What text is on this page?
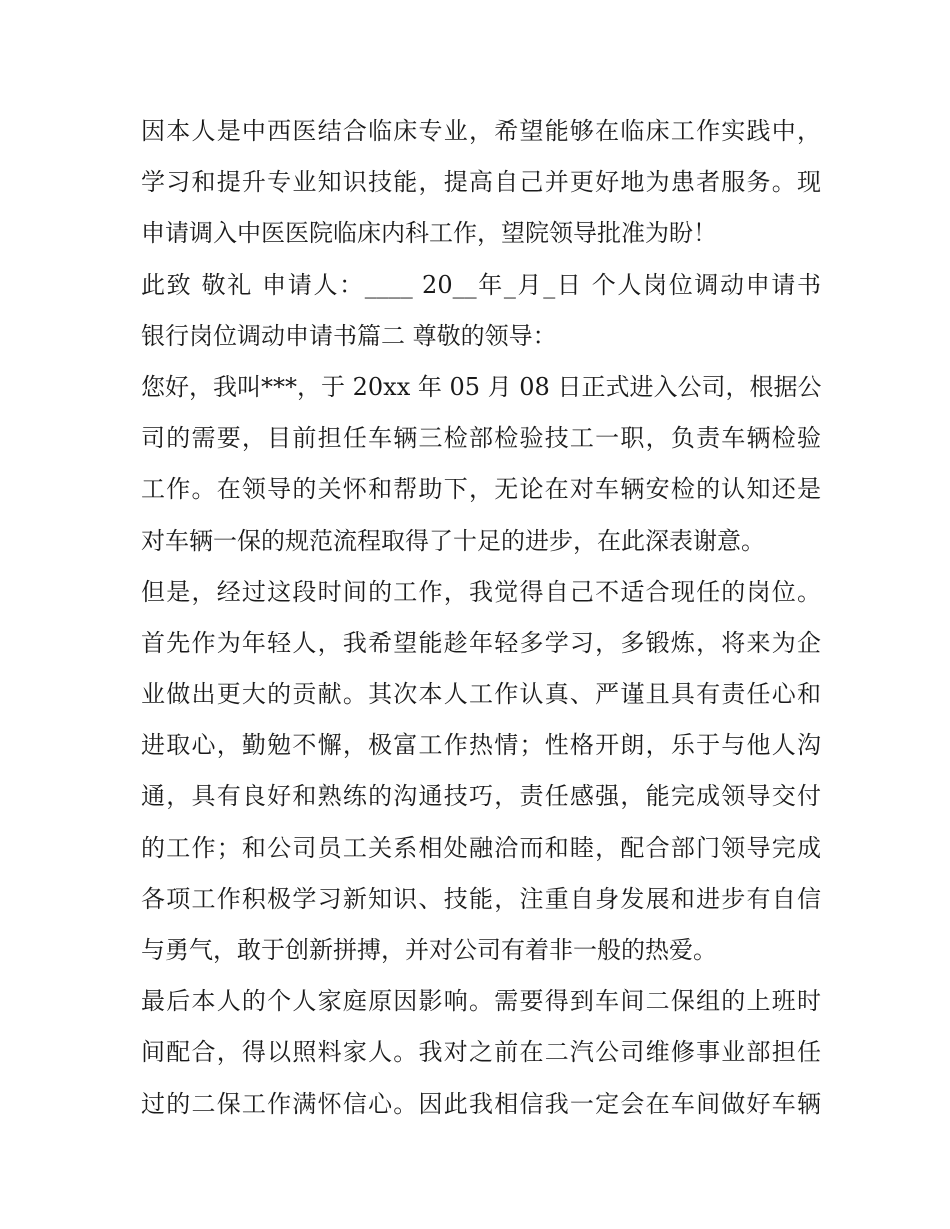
因本人是中西医结合临床专业，希望能够在临床工作实践中，
学习和提升专业知识技能，提高自己并更好地为患者服务。现
申请调入中医医院临床内科工作，望院领导批准为盼！
此致 敬礼 申请人：____ 20__年_月_日 个人岗位调动申请书
银行岗位调动申请书篇二 尊敬的领导：
您好，我叫***，于 20xx 年 05 月 08 日正式进入公司，根据公
司的需要，目前担任车辆三检部检验技工一职，负责车辆检验
工作。在领导的关怀和帮助下，无论在对车辆安检的认知还是
对车辆一保的规范流程取得了十足的进步，在此深表谢意。
但是，经过这段时间的工作，我觉得自己不适合现任的岗位。
首先作为年轻人，我希望能趁年轻多学习，多锻炼，将来为企
业做出更大的贡献。其次本人工作认真、严谨且具有责任心和
进取心，勤勉不懈，极富工作热情；性格开朗，乐于与他人沟
通，具有良好和熟练的沟通技巧，责任感强，能完成领导交付
的工作；和公司员工关系相处融洽而和睦，配合部门领导完成
各项工作积极学习新知识、技能，注重自身发展和进步有自信
与勇气，敢于创新拼搏，并对公司有着非一般的热爱。
最后本人的个人家庭原因影响。需要得到车间二保组的上班时
间配合，得以照料家人。我对之前在二汽公司维修事业部担任
过的二保工作满怀信心。因此我相信我一定会在车间做好车辆
